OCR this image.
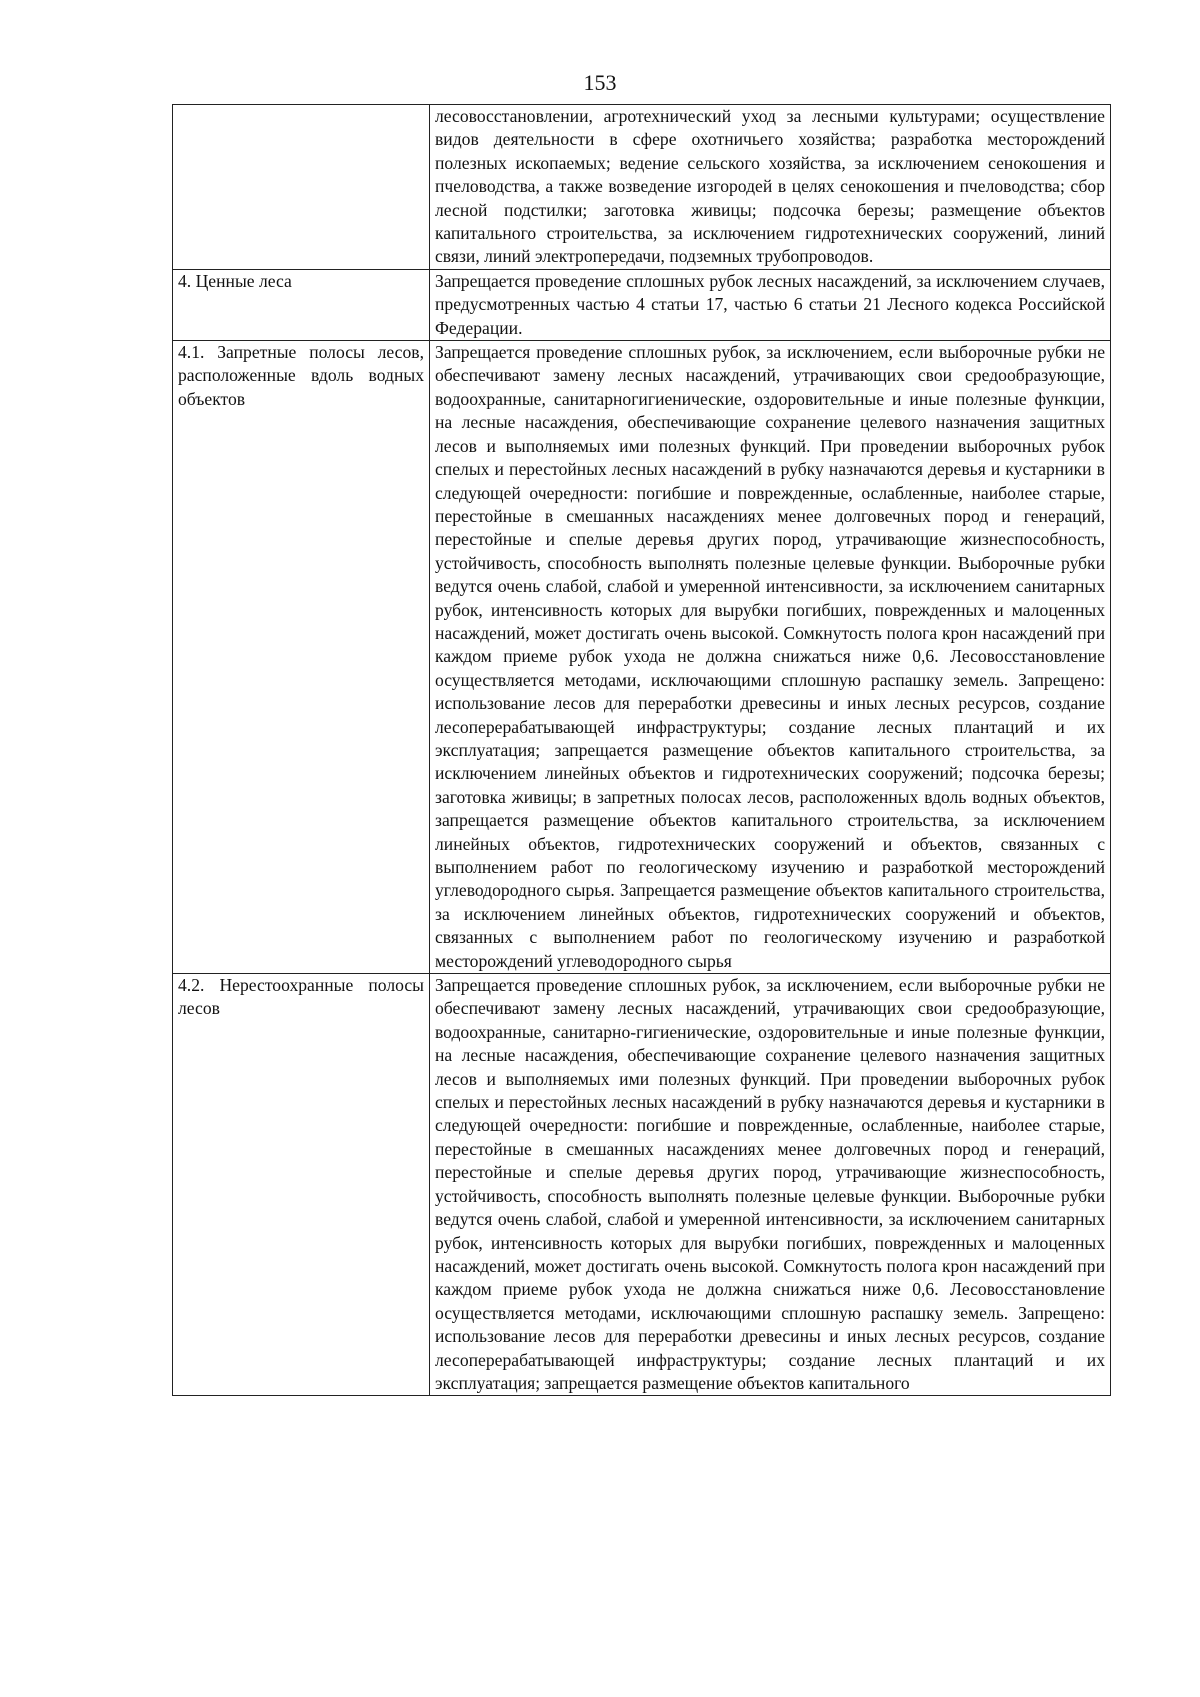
153
	лесовосстановлении, агротехнический уход за лесными культурами; осуществление видов деятельности в сфере охотничьего хозяйства; разработка месторождений полезных ископаемых; ведение сельского хозяйства, за исключением сенокошения и пчеловодства, а также возведение изгородей в целях сенокошения и пчеловодства; сбор лесной подстилки; заготовка живицы; подсочка березы; размещение объектов капитального строительства, за исключением гидротехнических сооружений, линий связи, линий электропередачи, подземных трубопроводов.
4. Ценные леса	Запрещается проведение сплошных рубок лесных насаждений, за исключением случаев, предусмотренных частью 4 статьи 17, частью 6 статьи 21 Лесного кодекса Российской Федерации.
4.1. Запретные полосы лесов, расположенные вдоль водных объектов	Запрещается проведение сплошных рубок, за исключением, если выборочные рубки не обеспечивают замену лесных насаждений, утрачивающих свои средообразующие, водоохранные, санитарногигиенические, оздоровительные и иные полезные функции, на лесные насаждения, обеспечивающие сохранение целевого назначения защитных лесов и выполняемых ими полезных функций. При проведении выборочных рубок спелых и перестойных лесных насаждений в рубку назначаются деревья и кустарники в следующей очередности: погибшие и поврежденные, ослабленные, наиболее старые, перестойные в смешанных насаждениях менее долговечных пород и генераций, перестойные и спелые деревья других пород, утрачивающие жизнеспособность, устойчивость, способность выполнять полезные целевые функции. Выборочные рубки ведутся очень слабой, слабой и умеренной интенсивности, за исключением санитарных рубок, интенсивность которых для вырубки погибших, поврежденных и малоценных насаждений, может достигать очень высокой. Сомкнутость полога крон насаждений при каждом приеме рубок ухода не должна снижаться ниже 0,6. Лесовосстановление осуществляется методами, исключающими сплошную распашку земель. Запрещено: использование лесов для переработки древесины и иных лесных ресурсов, создание лесоперерабатывающей инфраструктуры; создание лесных плантаций и их эксплуатация; запрещается размещение объектов капитального строительства, за исключением линейных объектов и гидротехнических сооружений; подсочка березы; заготовка живицы; в запретных полосах лесов, расположенных вдоль водных объектов, запрещается размещение объектов капитального строительства, за исключением линейных объектов, гидротехнических сооружений и объектов, связанных с выполнением работ по геологическому изучению и разработкой месторождений углеводородного сырья. Запрещается размещение объектов капитального строительства, за исключением линейных объектов, гидротехнических сооружений и объектов, связанных с выполнением работ по геологическому изучению и разработкой месторождений углеводородного сырья
4.2. Нерестоохранные полосы лесов	Запрещается проведение сплошных рубок, за исключением, если выборочные рубки не обеспечивают замену лесных насаждений, утрачивающих свои средообразующие, водоохранные, санитарно-гигиенические, оздоровительные и иные полезные функции, на лесные насаждения, обеспечивающие сохранение целевого назначения защитных лесов и выполняемых ими полезных функций. При проведении выборочных рубок спелых и перестойных лесных насаждений в рубку назначаются деревья и кустарники в следующей очередности: погибшие и поврежденные, ослабленные, наиболее старые, перестойные в смешанных насаждениях менее долговечных пород и генераций, перестойные и спелые деревья других пород, утрачивающие жизнеспособность, устойчивость, способность выполнять полезные целевые функции. Выборочные рубки ведутся очень слабой, слабой и умеренной интенсивности, за исключением санитарных рубок, интенсивность которых для вырубки погибших, поврежденных и малоценных насаждений, может достигать очень высокой. Сомкнутость полога крон насаждений при каждом приеме рубок ухода не должна снижаться ниже 0,6. Лесовосстановление осуществляется методами, исключающими сплошную распашку земель. Запрещено: использование лесов для переработки древесины и иных лесных ресурсов, создание лесоперерабатывающей инфраструктуры; создание лесных плантаций и их эксплуатация; запрещается размещение объектов капитального
